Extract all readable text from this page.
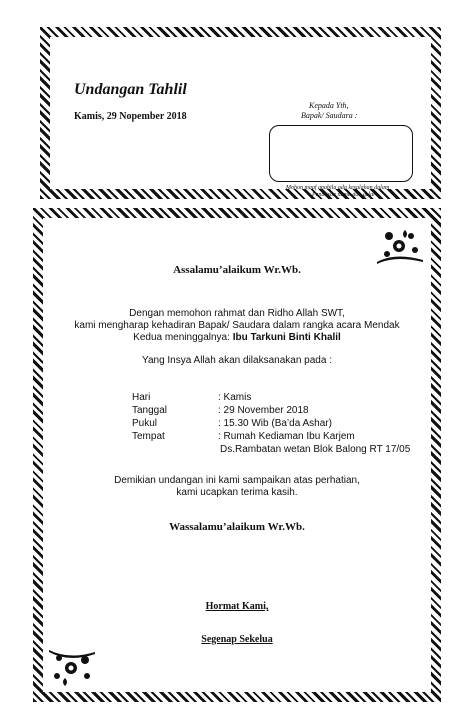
Undangan Tahlil
Kamis, 29 Nopember 2018
Kepada Yth,
Bapak/ Saudara :
Mohon maaf apabila ada kesalahan dalam
Penulisan nama dan gelar
Assalamu’alaikum Wr.Wb.
Dengan memohon rahmat dan Ridho Allah SWT,
kami mengharap kehadiran Bapak/ Saudara dalam rangka acara Mendak
Kedua meninggalnya: Ibu Tarkuni Binti Khalil
Yang Insya Allah akan dilaksanakan pada :
Hari	: Kamis
Tanggal	: 29 November 2018
Pukul	: 15.30 Wib (Ba’da Ashar)
Tempat	: Rumah Kediaman Ibu Karjem
Ds.Rambatan wetan Blok Balong RT 17/05
Demikian undangan ini kami sampaikan atas perhatian,
kami ucapkan terima kasih.
Wassalamu’alaikum Wr.Wb.
Hormat Kami,
Segenap Sekelua
